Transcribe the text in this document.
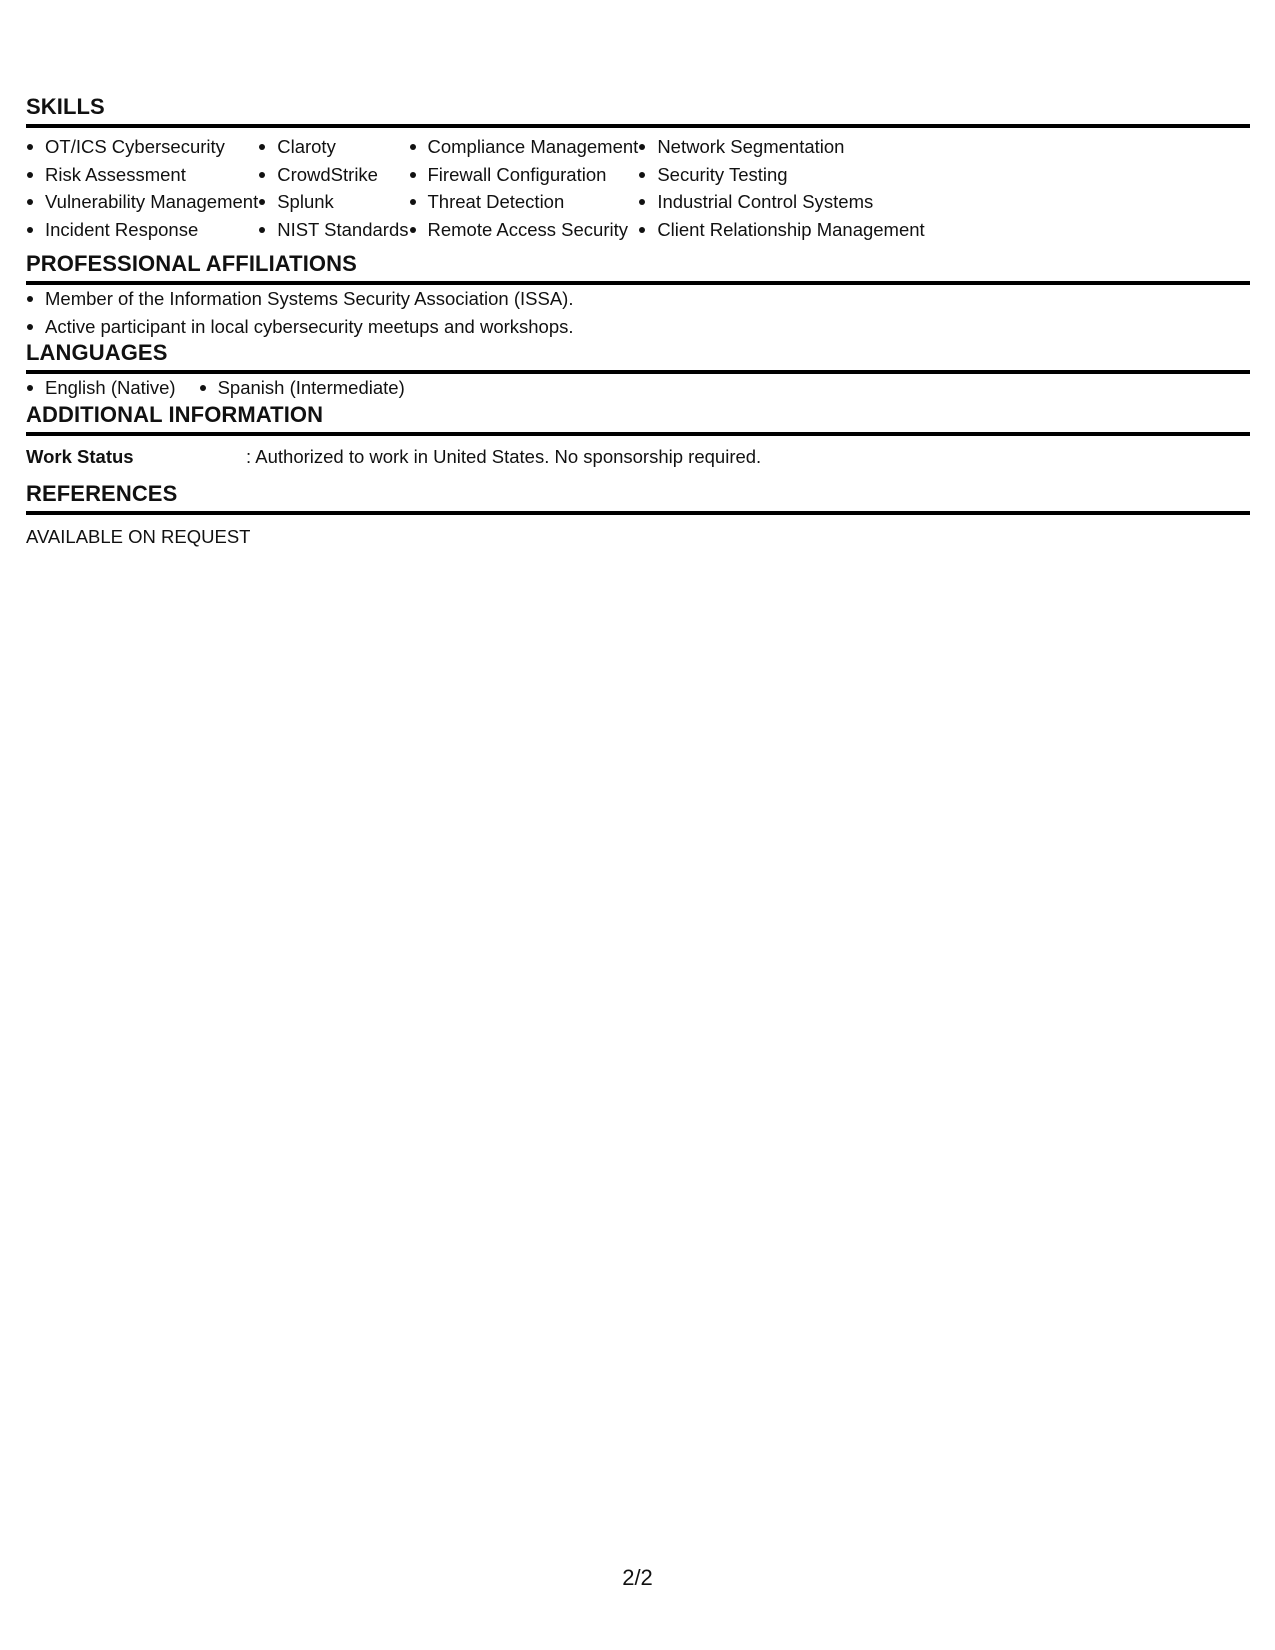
SKILLS
OT/ICS Cybersecurity
Risk Assessment
Vulnerability Management
Incident Response
Claroty
CrowdStrike
Splunk
NIST Standards
Compliance Management
Firewall Configuration
Threat Detection
Remote Access Security
Network Segmentation
Security Testing
Industrial Control Systems
Client Relationship Management
PROFESSIONAL AFFILIATIONS
Member of the Information Systems Security Association (ISSA).
Active participant in local cybersecurity meetups and workshops.
LANGUAGES
English (Native)	Spanish (Intermediate)
ADDITIONAL INFORMATION
Work Status	: Authorized to work in United States. No sponsorship required.
REFERENCES
AVAILABLE ON REQUEST
2/2
